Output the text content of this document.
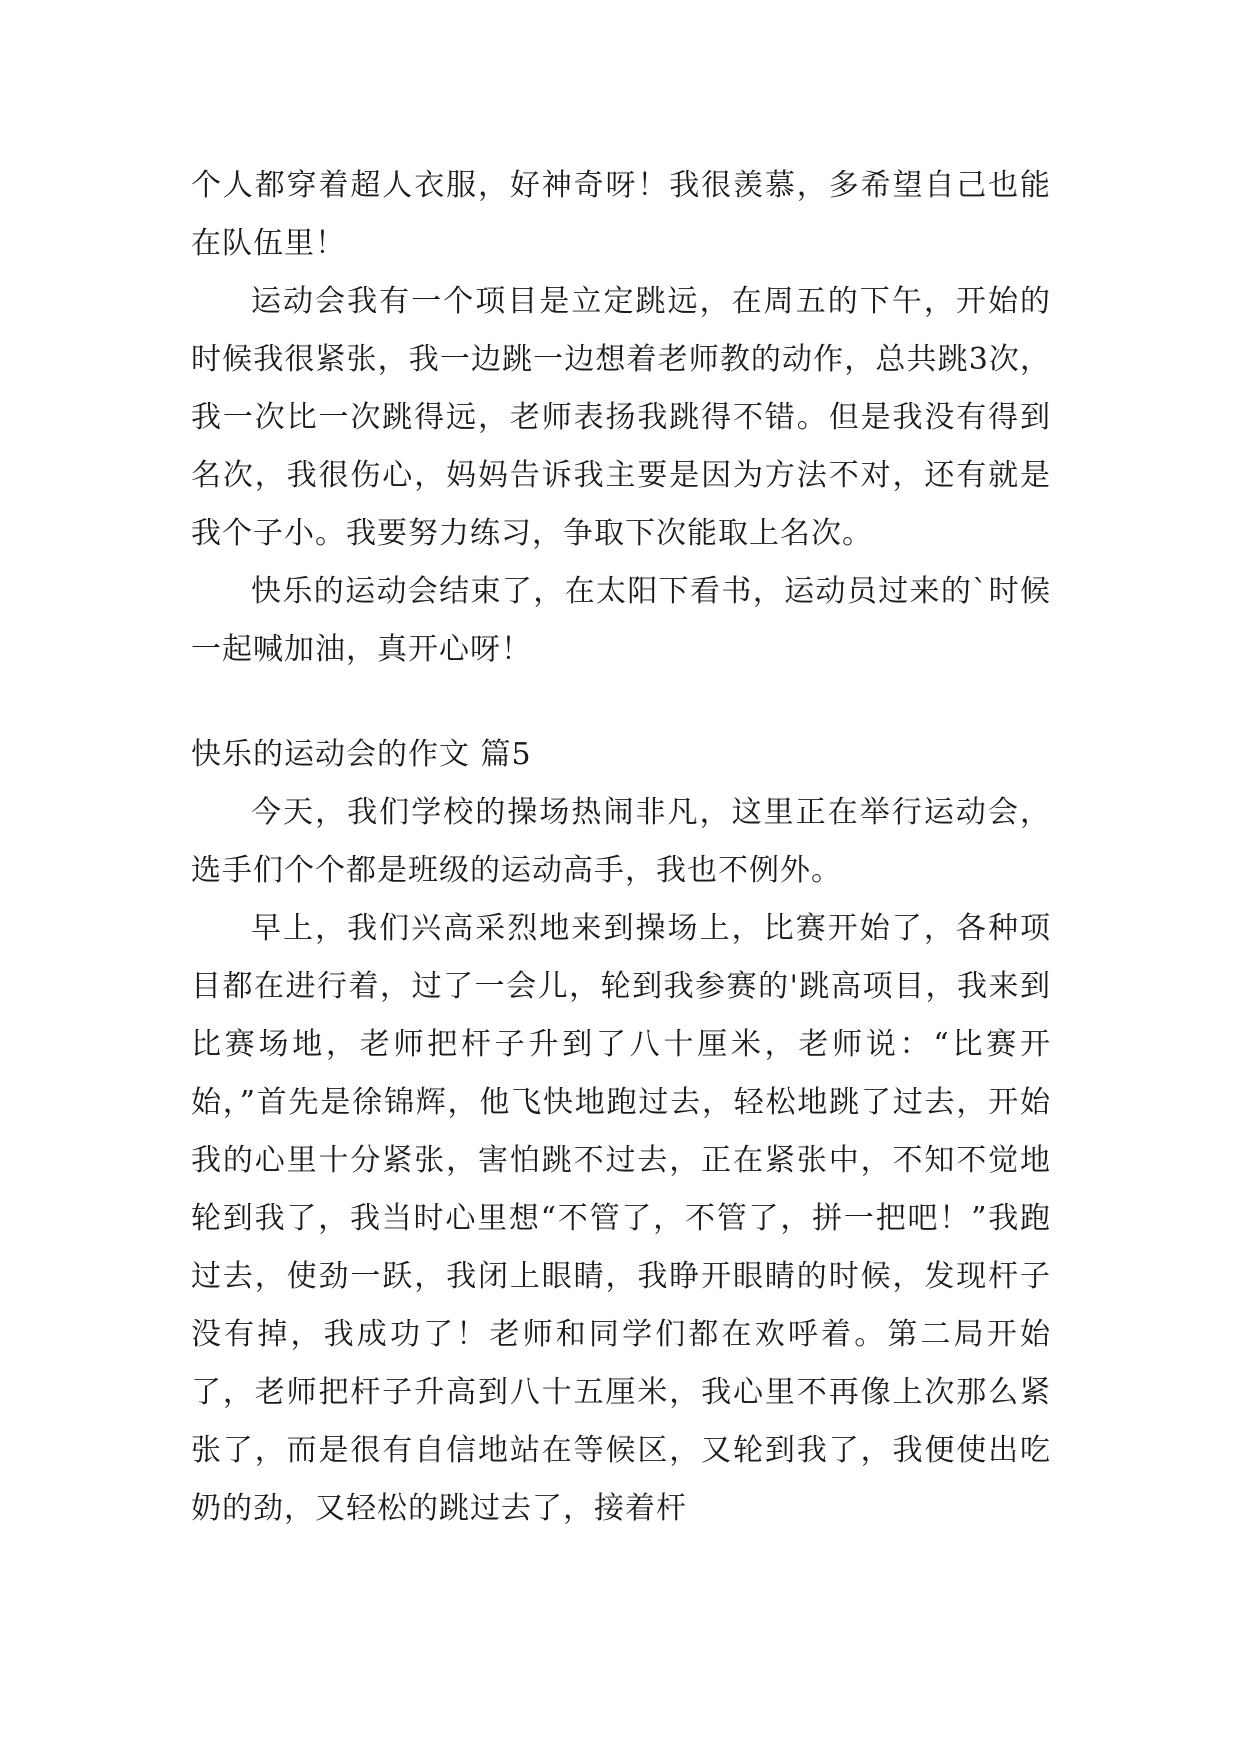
个人都穿着超人衣服，好神奇呀！我很羡慕，多希望自己也能在队伍里！

运动会我有一个项目是立定跳远，在周五的下午，开始的时候我很紧张，我一边跳一边想着老师教的动作，总共跳3次，我一次比一次跳得远，老师表扬我跳得不错。但是我没有得到名次，我很伤心，妈妈告诉我主要是因为方法不对，还有就是我个子小。我要努力练习，争取下次能取上名次。

快乐的运动会结束了，在太阳下看书，运动员过来的`时候一起喊加油，真开心呀！

快乐的运动会的作文 篇5

今天，我们学校的操场热闹非凡，这里正在举行运动会，选手们个个都是班级的运动高手，我也不例外。

早上，我们兴高采烈地来到操场上，比赛开始了，各种项目都在进行着，过了一会儿，轮到我参赛的'跳高项目，我来到比赛场地，老师把杆子升到了八十厘米，老师说：“比赛开始，”首先是徐锦辉，他飞快地跑过去，轻松地跳了过去，开始我的心里十分紧张，害怕跳不过去，正在紧张中，不知不觉地轮到我了，我当时心里想“不管了，不管了，拼一把吧！”我跑过去，使劲一跃，我闭上眼睛，我睁开眼睛的时候，发现杆子没有掉，我成功了！老师和同学们都在欢呼着。第二局开始了，老师把杆子升高到八十五厘米，我心里不再像上次那么紧张了，而是很有自信地站在等候区，又轮到我了，我便使出吃奶的劲，又轻松的跳过去了，接着杆
